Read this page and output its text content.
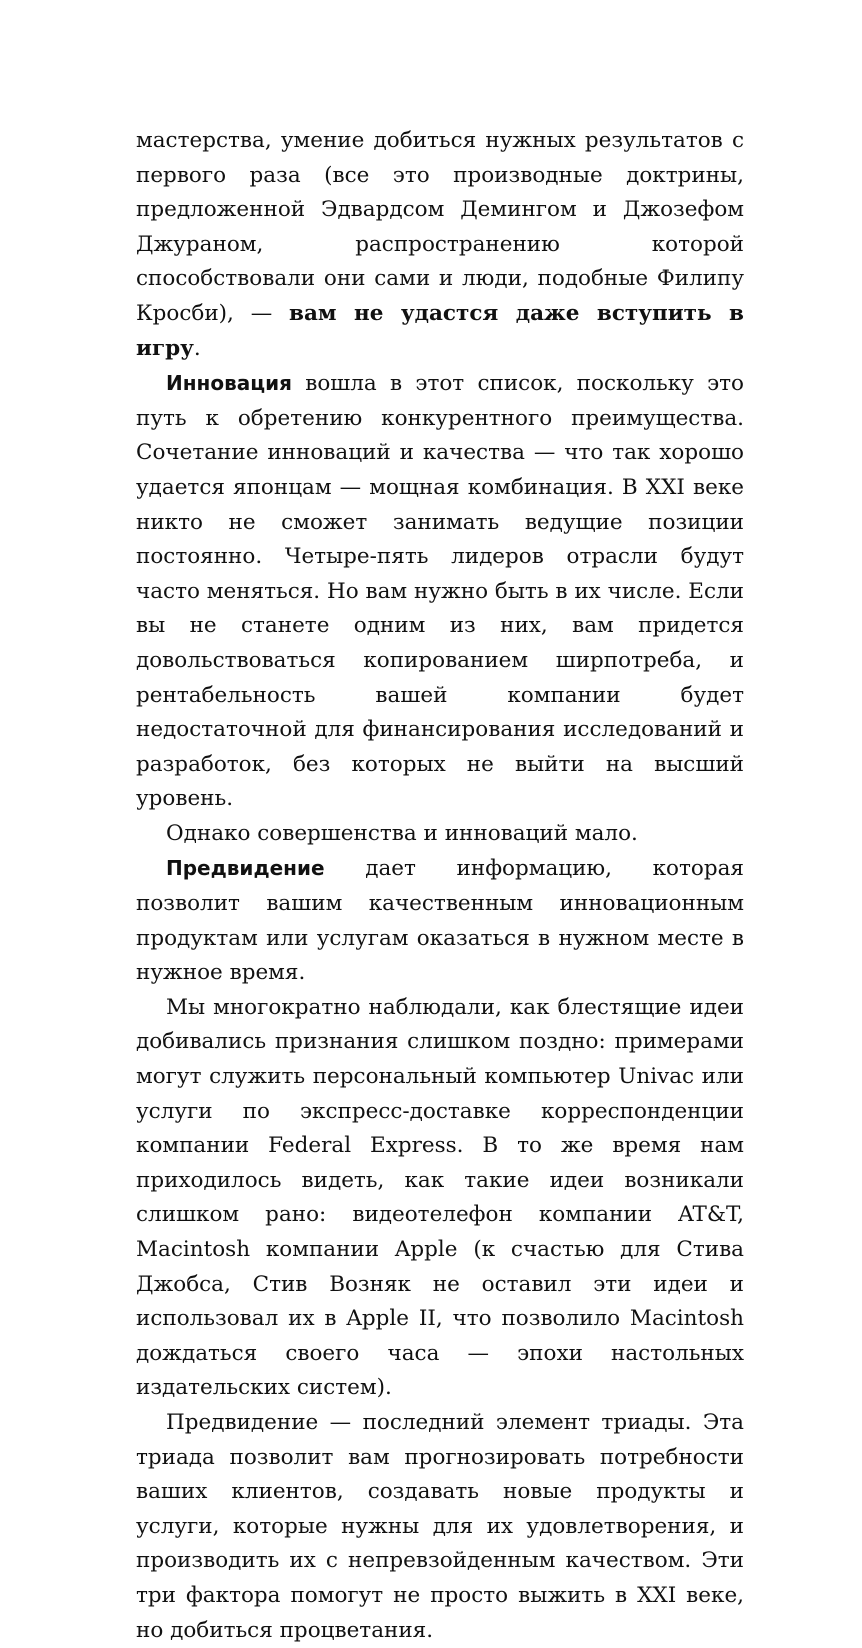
мастерства, умение добиться нужных результатов с первого раза (все это производные доктрины, предложенной Эдвардсом Демингом и Джозефом Джураном, распространению которой способствовали они сами и люди, подобные Филипу Кросби), — вам не удастся даже вступить в игру.

Инновация вошла в этот список, поскольку это путь к обретению конкурентного преимущества. Сочетание инноваций и качества — что так хорошо удается японцам — мощная комбинация. В XXI веке никто не сможет занимать ведущие позиции постоянно. Четыре-пять лидеров отрасли будут часто меняться. Но вам нужно быть в их числе. Если вы не станете одним из них, вам придется довольствоваться копированием ширпотреба, и рентабельность вашей компании будет недостаточной для финансирования исследований и разработок, без которых не выйти на высший уровень.

Однако совершенства и инноваций мало.

Предвидение дает информацию, которая позволит вашим качественным инновационным продуктам или услугам оказаться в нужном месте в нужное время.

Мы многократно наблюдали, как блестящие идеи добивались признания слишком поздно: примерами могут служить персональный компьютер Univac или услуги по экспресс-доставке корреспонденции компании Federal Express. В то же время нам приходилось видеть, как такие идеи возникали слишком рано: видеотелефон компании AT&T, Macintosh компании Apple (к счастью для Стива Джобса, Стив Возняк не оставил эти идеи и использовал их в Apple II, что позволило Macintosh дождаться своего часа — эпохи настольных издательских систем).

Предвидение — последний элемент триады. Эта триада позволит вам прогнозировать потребности ваших клиентов, создавать новые продукты и услуги, которые нужны для их удовлетворения, и производить их с непревзойденным качеством. Эти три фактора помогут не просто выжить в XXI веке, но добиться процветания.
